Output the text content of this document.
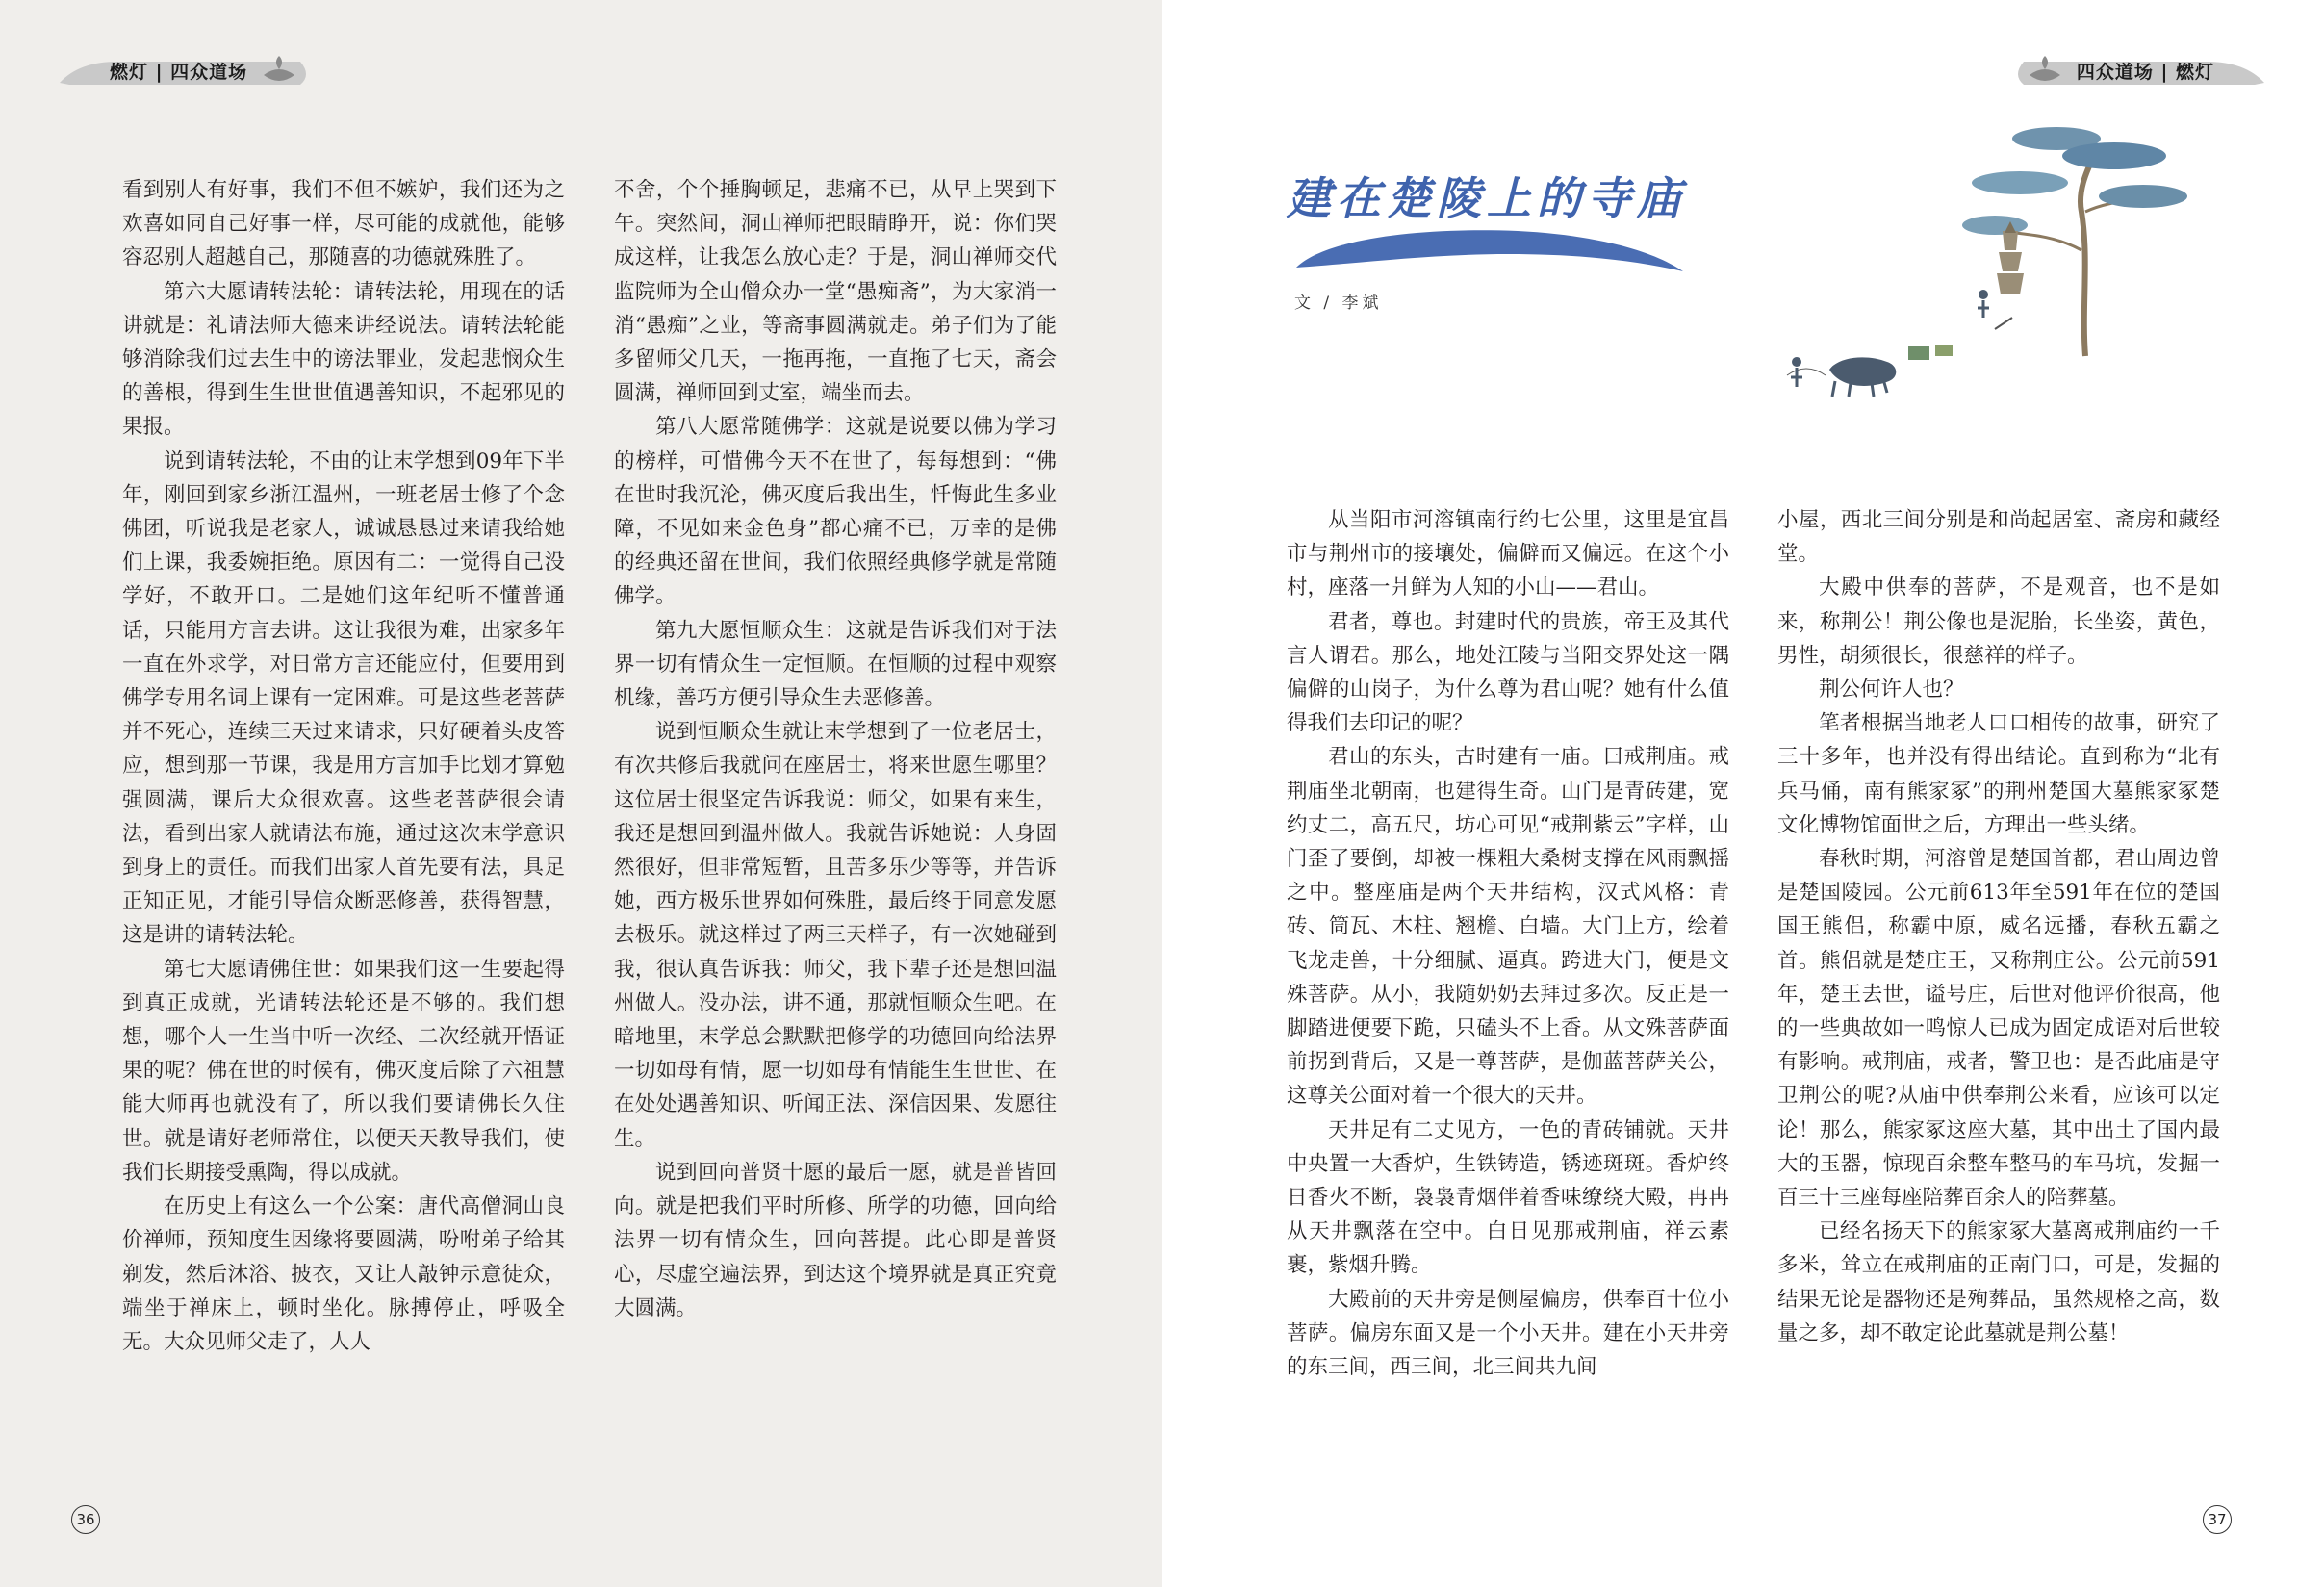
燃灯 | 四众道场

看到别人有好事，我们不但不嫉妒，我们还为之欢喜如同自己好事一样，尽可能的成就他，能够容忍别人超越自己，那随喜的功德就殊胜了。

第六大愿请转法轮：请转法轮，用现在的话讲就是：礼请法师大德来讲经说法。请转法轮能够消除我们过去生中的谤法罪业，发起悲悯众生的善根，得到生生世世值遇善知识，不起邪见的果报。

说到请转法轮，不由的让末学想到09年下半年，刚回到家乡浙江温州，一班老居士修了个念佛团，听说我是老家人，诚诚恳恳过来请我给她们上课，我委婉拒绝。原因有二：一觉得自己没学好，不敢开口。二是她们这年纪听不懂普通话，只能用方言去讲。这让我很为难，出家多年一直在外求学，对日常方言还能应付，但要用到佛学专用名词上课有一定困难。可是这些老菩萨并不死心，连续三天过来请求，只好硬着头皮答应，想到那一节课，我是用方言加手比划才算勉强圆满，课后大众很欢喜。这些老菩萨很会请法，看到出家人就请法布施，通过这次末学意识到身上的责任。而我们出家人首先要有法，具足正知正见，才能引导信众断恶修善，获得智慧，这是讲的请转法轮。

第七大愿请佛住世：如果我们这一生要起得到真正成就，光请转法轮还是不够的。我们想想，哪个人一生当中听一次经、二次经就开悟证果的呢？佛在世的时候有，佛灭度后除了六祖慧能大师再也就没有了，所以我们要请佛长久住世。就是请好老师常住，以便天天教导我们，使我们长期接受熏陶，得以成就。

在历史上有这么一个公案：唐代高僧洞山良价禅师，预知度生因缘将要圆满，吩咐弟子给其剃发，然后沐浴、披衣，又让人敲钟示意徒众，端坐于禅床上，顿时坐化。脉搏停止，呼吸全无。大众见师父走了，人人

不舍，个个捶胸顿足，悲痛不已，从早上哭到下午。突然间，洞山禅师把眼睛睁开，说：你们哭成这样，让我怎么放心走？于是，洞山禅师交代监院师为全山僧众办一堂“愚痴斋”，为大家消一消“愚痴”之业，等斋事圆满就走。弟子们为了能多留师父几天，一拖再拖，一直拖了七天，斋会圆满，禅师回到丈室，端坐而去。

第八大愿常随佛学：这就是说要以佛为学习的榜样，可惜佛今天不在世了，每每想到：“佛在世时我沉沦，佛灭度后我出生，忏悔此生多业障，不见如来金色身”都心痛不已，万幸的是佛的经典还留在世间，我们依照经典修学就是常随佛学。

第九大愿恒顺众生：这就是告诉我们对于法界一切有情众生一定恒顺。在恒顺的过程中观察机缘，善巧方便引导众生去恶修善。

说到恒顺众生就让末学想到了一位老居士，有次共修后我就问在座居士，将来世愿生哪里？这位居士很坚定告诉我说：师父，如果有来生，我还是想回到温州做人。我就告诉她说：人身固然很好，但非常短暂，且苦多乐少等等，并告诉她，西方极乐世界如何殊胜，最后终于同意发愿去极乐。就这样过了两三天样子，有一次她碰到我，很认真告诉我：师父，我下辈子还是想回温州做人。没办法，讲不通，那就恒顺众生吧。在暗地里，末学总会默默把修学的功德回向给法界一切如母有情，愿一切如母有情能生生世世、在在处处遇善知识、听闻正法、深信因果、发愿往生。

说到回向普贤十愿的最后一愿，就是普皆回向。就是把我们平时所修、所学的功德，回向给法界一切有情众生，回向菩提。此心即是普贤心，尽虚空遍法界，到达这个境界就是真正究竟大圆满。

36
四众道场 | 燃灯
建在楚陵上的寺庙
文 / 李斌

从当阳市河溶镇南行约七公里，这里是宜昌市与荆州市的接壤处，偏僻而又偏远。在这个小村，座落一爿鲜为人知的小山——君山。

君者，尊也。封建时代的贵族，帝王及其代言人谓君。那么，地处江陵与当阳交界处这一隅偏僻的山岗子，为什么尊为君山呢？她有什么值得我们去印记的呢？

君山的东头，古时建有一庙。曰戒荆庙。戒荆庙坐北朝南，也建得生奇。山门是青砖建，宽约丈二，高五尺，坊心可见“戒荆紫云”字样，山门歪了要倒，却被一棵粗大桑树支撑在风雨飘摇之中。整座庙是两个天井结构，汉式风格：青砖、筒瓦、木柱、翘檐、白墙。大门上方，绘着飞龙走兽，十分细腻、逼真。跨进大门，便是文殊菩萨。从小，我随奶奶去拜过多次。反正是一脚踏进便要下跪，只磕头不上香。从文殊菩萨面前拐到背后，又是一尊菩萨，是伽蓝菩萨关公，这尊关公面对着一个很大的天井。

天井足有二丈见方，一色的青砖铺就。天井中央置一大香炉，生铁铸造，锈迹斑斑。香炉终日香火不断，袅袅青烟伴着香味缭绕大殿，冉冉从天井飘落在空中。白日见那戒荆庙，祥云素裹，紫烟升腾。

大殿前的天井旁是侧屋偏房，供奉百十位小菩萨。偏房东面又是一个小天井。建在小天井旁的东三间，西三间，北三间共九间

小屋，西北三间分别是和尚起居室、斋房和藏经堂。

大殿中供奉的菩萨，不是观音，也不是如来，称荆公！荆公像也是泥胎，长坐姿，黄色，男性，胡须很长，很慈祥的样子。

荆公何许人也？

笔者根据当地老人口口相传的故事，研究了三十多年，也并没有得出结论。直到称为“北有兵马俑，南有熊家冢”的荆州楚国大墓熊家冢楚文化博物馆面世之后，方理出一些头绪。

春秋时期，河溶曾是楚国首都，君山周边曾是楚国陵园。公元前613年至591年在位的楚国国王熊侣，称霸中原，威名远播，春秋五霸之首。熊侣就是楚庄王，又称荆庄公。公元前591年，楚王去世，谥号庄，后世对他评价很高，他的一些典故如一鸣惊人已成为固定成语对后世较有影响。戒荆庙，戒者，警卫也：是否此庙是守卫荆公的呢?从庙中供奉荆公来看，应该可以定论！那么，熊家冢这座大墓，其中出土了国内最大的玉器，惊现百余整车整马的车马坑，发掘一百三十三座每座陪葬百余人的陪葬墓。

已经名扬天下的熊家冢大墓离戒荆庙约一千多米，耸立在戒荆庙的正南门口，可是，发掘的结果无论是器物还是殉葬品，虽然规格之高，数量之多，却不敢定论此墓就是荆公墓！

37
